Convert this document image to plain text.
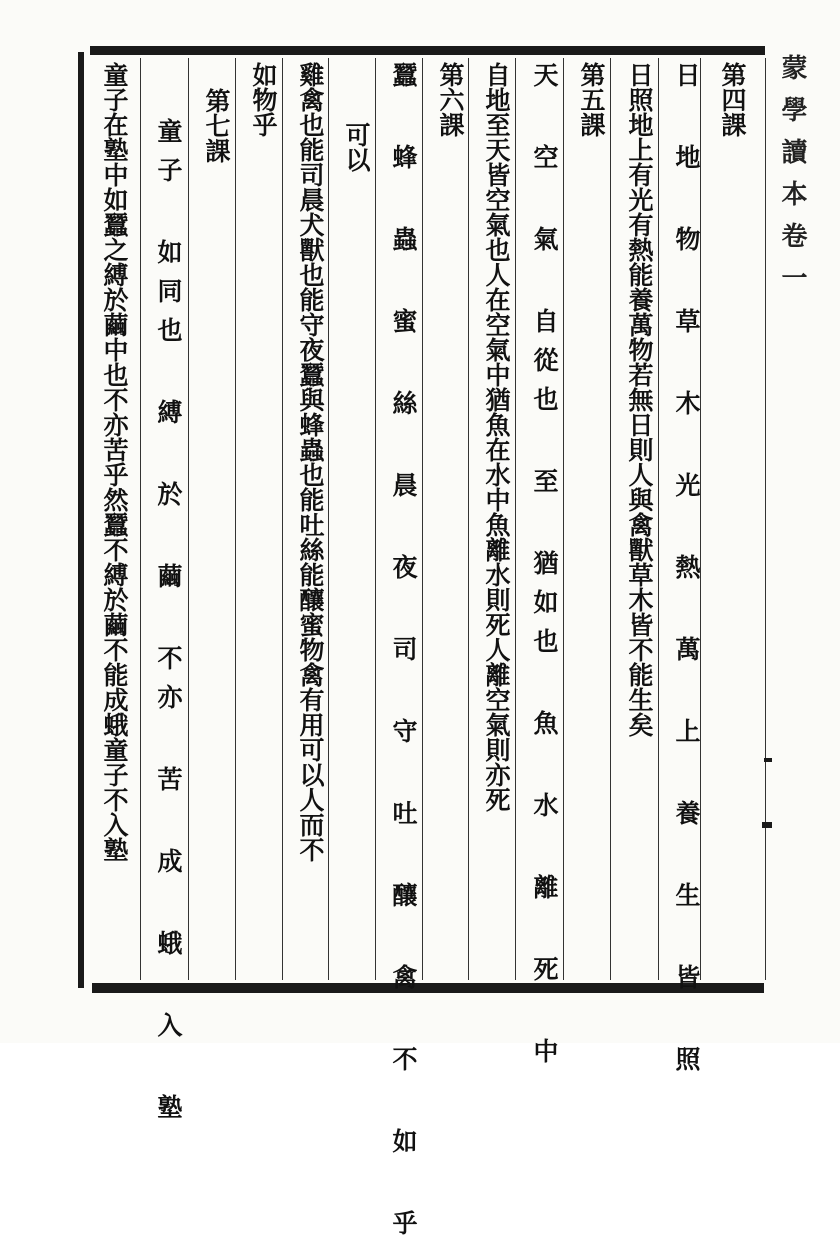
蒙學讀本卷一
第四課
日 地 物 草 木 光 熱 萬 上 養 生 皆 照
日照地上有光有熱能養萬物若無日則人與禽獸草木皆不能生矣
第五課
天 空 氣 自從也 至 猶如也 魚 水 離 死 中
自地至天皆空氣也人在空氣中猶魚在水中魚離水則死人離空氣則亦死
第六課
蠶 蜂 蟲 蜜 絲 晨 夜 司 守 吐 釀 禽 不 如 乎
可以
雞禽也能司晨犬獸也能守夜蠶與蜂蟲也能吐絲能釀蜜物禽有用可以人而不
如物乎
第七課
童子 如同也 縛 於 繭 不亦 苦 成 蛾 入 塾
童子在塾中如蠶之縛於繭中也不亦苦乎然蠶不縛於繭不能成蛾童子不入塾
